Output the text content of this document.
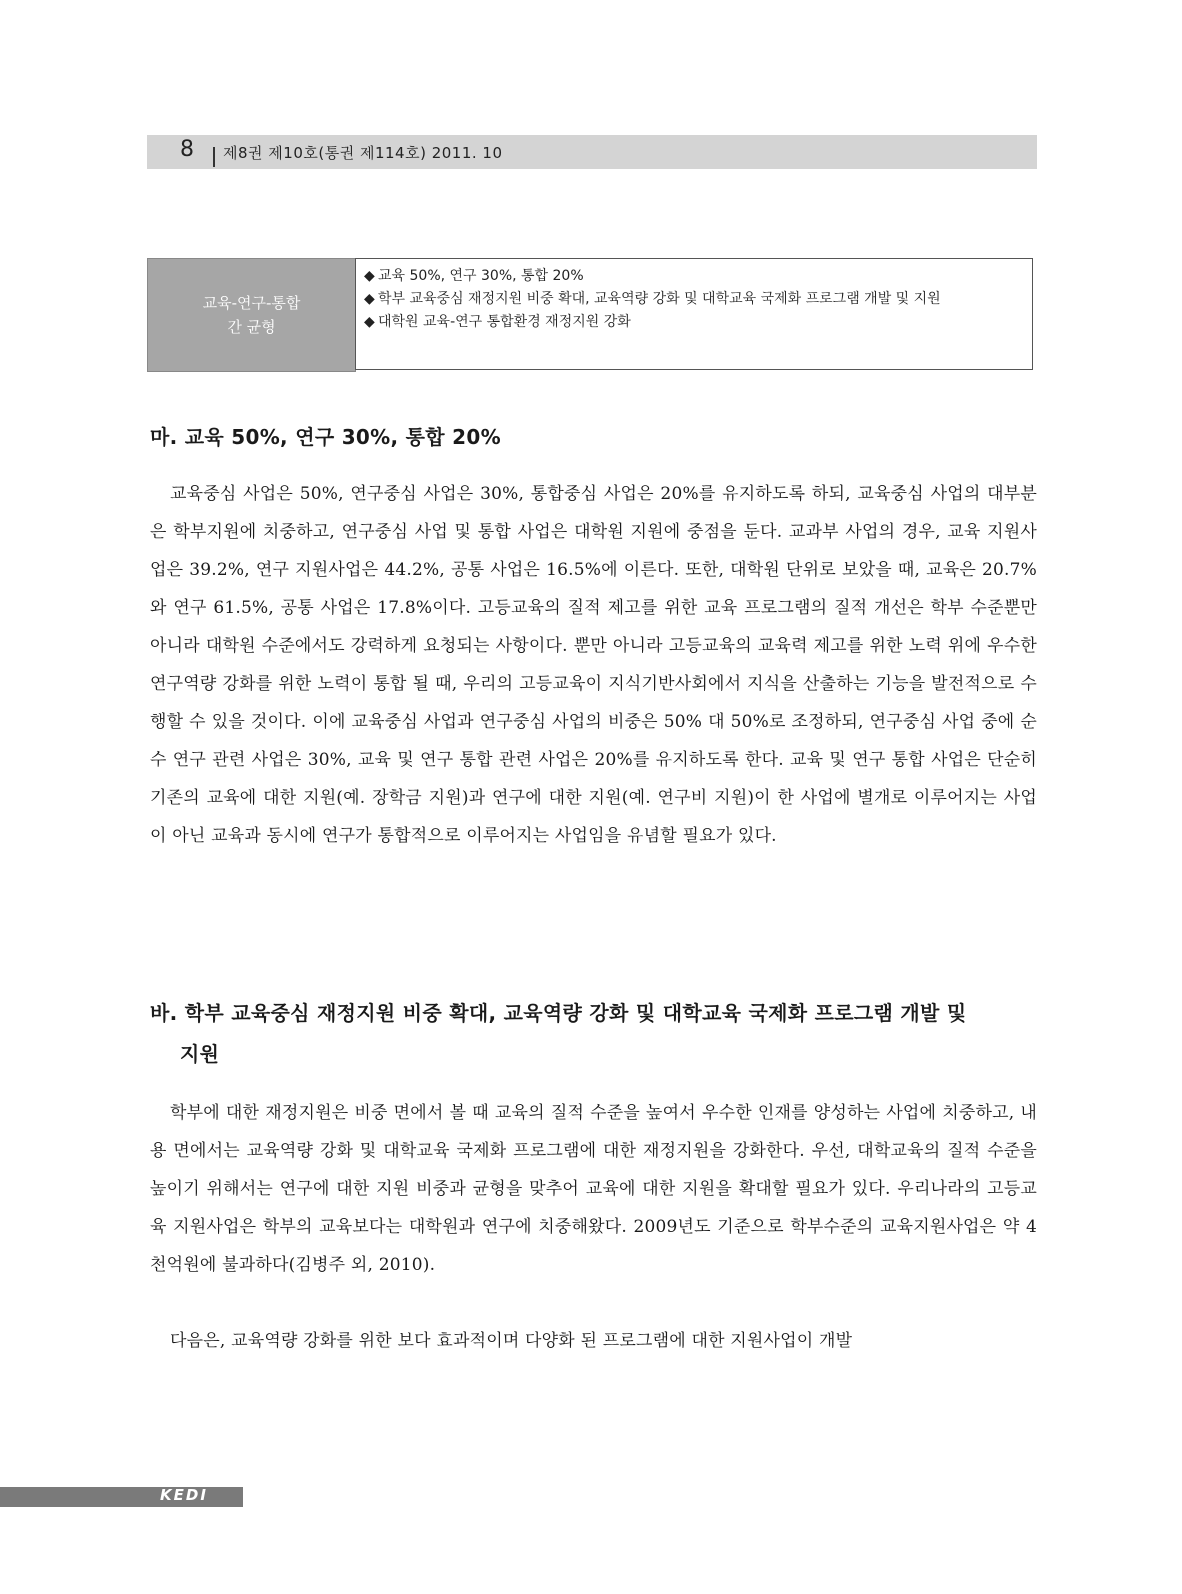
8 제8권 제10호(통권 제114호) 2011. 10
교육-연구-통합
간 균형
◆ 교육 50%, 연구 30%, 통합 20%
◆ 학부 교육중심 재정지원 비중 확대, 교육역량 강화 및 대학교육 국제화 프로그램 개발 및 지원
◆ 대학원 교육-연구 통합환경 재정지원 강화
마. 교육 50%, 연구 30%, 통합 20%

교육중심 사업은 50%, 연구중심 사업은 30%, 통합중심 사업은 20%를 유지하도록 하되, 교육중심 사업의 대부분은 학부지원에 치중하고, 연구중심 사업 및 통합 사업은 대학원 지원에 중점을 둔다. 교과부 사업의 경우, 교육 지원사업은 39.2%, 연구 지원사업은 44.2%, 공통 사업은 16.5%에 이른다. 또한, 대학원 단위로 보았을 때, 교육은 20.7%와 연구 61.5%, 공통 사업은 17.8%이다. 고등교육의 질적 제고를 위한 교육 프로그램의 질적 개선은 학부 수준뿐만 아니라 대학원 수준에서도 강력하게 요청되는 사항이다. 뿐만 아니라 고등교육의 교육력 제고를 위한 노력 위에 우수한 연구역량 강화를 위한 노력이 통합 될 때, 우리의 고등교육이 지식기반사회에서 지식을 산출하는 기능을 발전적으로 수행할 수 있을 것이다. 이에 교육중심 사업과 연구중심 사업의 비중은 50% 대 50%로 조정하되, 연구중심 사업 중에 순수 연구 관련 사업은 30%, 교육 및 연구 통합 관련 사업은 20%를 유지하도록 한다. 교육 및 연구 통합 사업은 단순히 기존의 교육에 대한 지원(예. 장학금 지원)과 연구에 대한 지원(예. 연구비 지원)이 한 사업에 별개로 이루어지는 사업이 아닌 교육과 동시에 연구가 통합적으로 이루어지는 사업임을 유념할 필요가 있다.

바. 학부 교육중심 재정지원 비중 확대, 교육역량 강화 및 대학교육 국제화 프로그램 개발 및
지원

학부에 대한 재정지원은 비중 면에서 볼 때 교육의 질적 수준을 높여서 우수한 인재를 양성하는 사업에 치중하고, 내용 면에서는 교육역량 강화 및 대학교육 국제화 프로그램에 대한 재정지원을 강화한다. 우선, 대학교육의 질적 수준을 높이기 위해서는 연구에 대한 지원 비중과 균형을 맞추어 교육에 대한 지원을 확대할 필요가 있다. 우리나라의 고등교육 지원사업은 학부의 교육보다는 대학원과 연구에 치중해왔다. 2009년도 기준으로 학부수준의 교육지원사업은 약 4천억원에 불과하다(김병주 외, 2010).

다음은, 교육역량 강화를 위한 보다 효과적이며 다양화 된 프로그램에 대한 지원사업이 개발

KEDI
